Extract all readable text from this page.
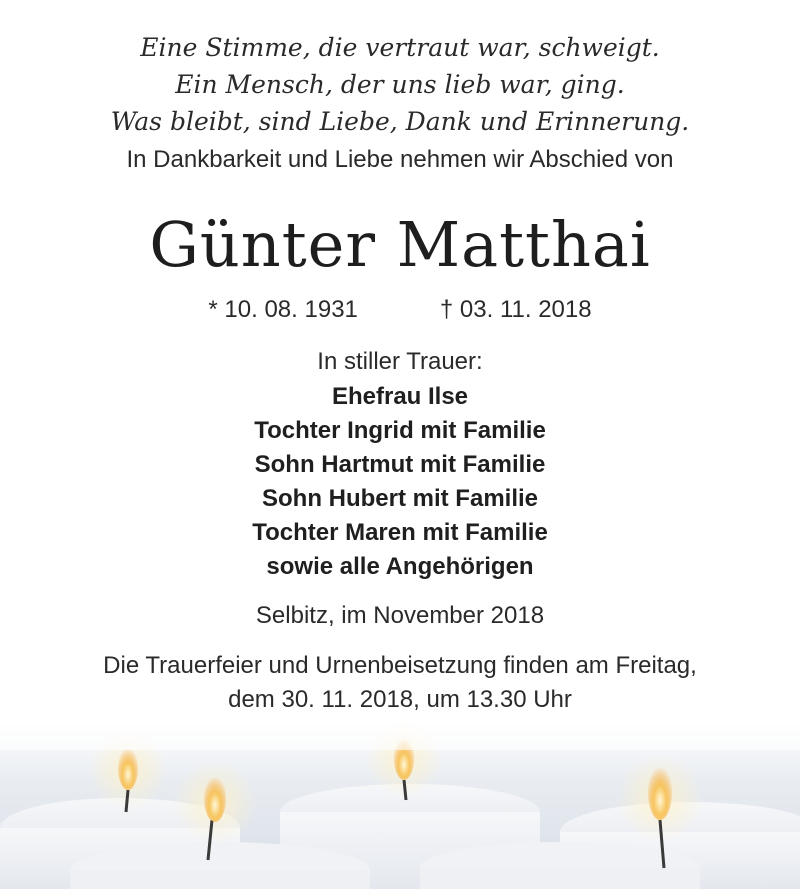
Eine Stimme, die vertraut war, schweigt.
Ein Mensch, der uns lieb war, ging.
Was bleibt, sind Liebe, Dank und Erinnerung.
In Dankbarkeit und Liebe nehmen wir Abschied von
Günter Matthai
* 10. 08. 1931	† 03. 11. 2018
In stiller Trauer:
Ehefrau Ilse
Tochter Ingrid mit Familie
Sohn Hartmut mit Familie
Sohn Hubert mit Familie
Tochter Maren mit Familie
sowie alle Angehörigen
Selbitz, im November 2018
Die Trauerfeier und Urnenbeisetzung finden am Freitag,
dem 30. 11. 2018, um 13.30 Uhr
